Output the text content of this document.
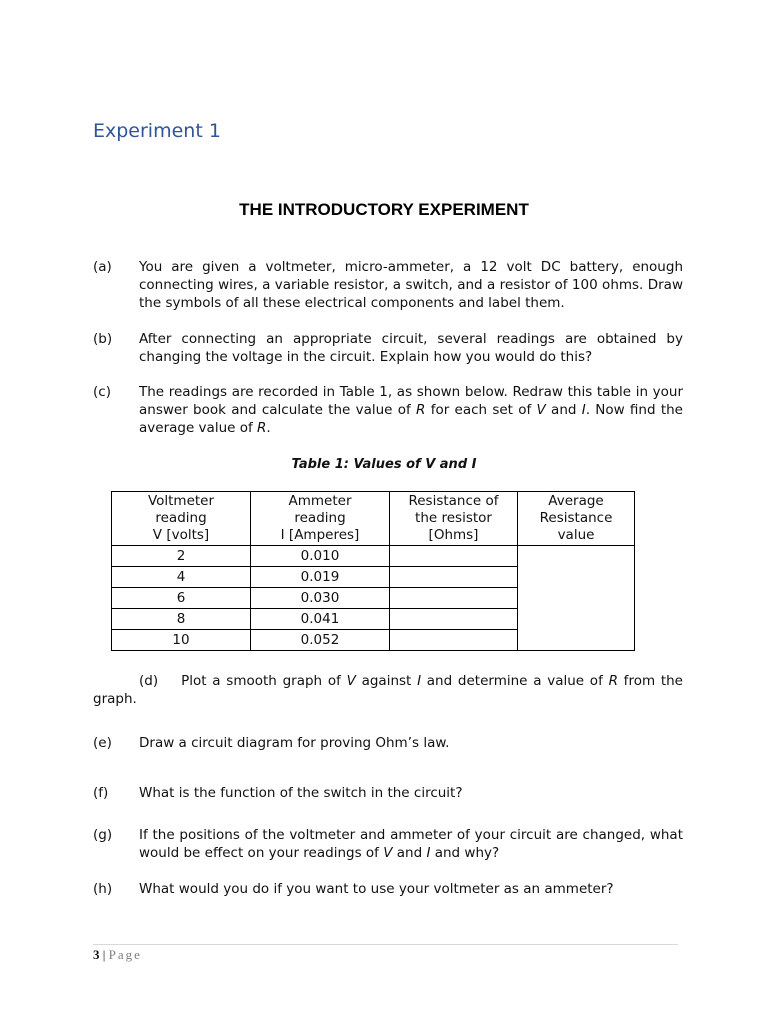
Experiment 1
THE INTRODUCTORY EXPERIMENT
(a) You are given a voltmeter, micro-ammeter, a 12 volt DC battery, enough connecting wires, a variable resistor, a switch, and a resistor of 100 ohms. Draw the symbols of all these electrical components and label them.
(b) After connecting an appropriate circuit, several readings are obtained by changing the voltage in the circuit. Explain how you would do this?
(c) The readings are recorded in Table 1, as shown below. Redraw this table in your answer book and calculate the value of R for each set of V and I. Now find the average value of R.
Table 1: Values of V and I
Voltmeter
reading
V [volts]	Ammeter
reading
I [Amperes]	Resistance of
the resistor
[Ohms]	Average
Resistance
value
2	0.010		
4	0.019		
6	0.030		
8	0.041		
10	0.052		
(d) Plot a smooth graph of V against I and determine a value of R from the graph.
(e) Draw a circuit diagram for proving Ohm’s law.
(f) What is the function of the switch in the circuit?
(g) If the positions of the voltmeter and ammeter of your circuit are changed, what would be effect on your readings of V and I and why?
(h) What would you do if you want to use your voltmeter as an ammeter?
3 | Page
